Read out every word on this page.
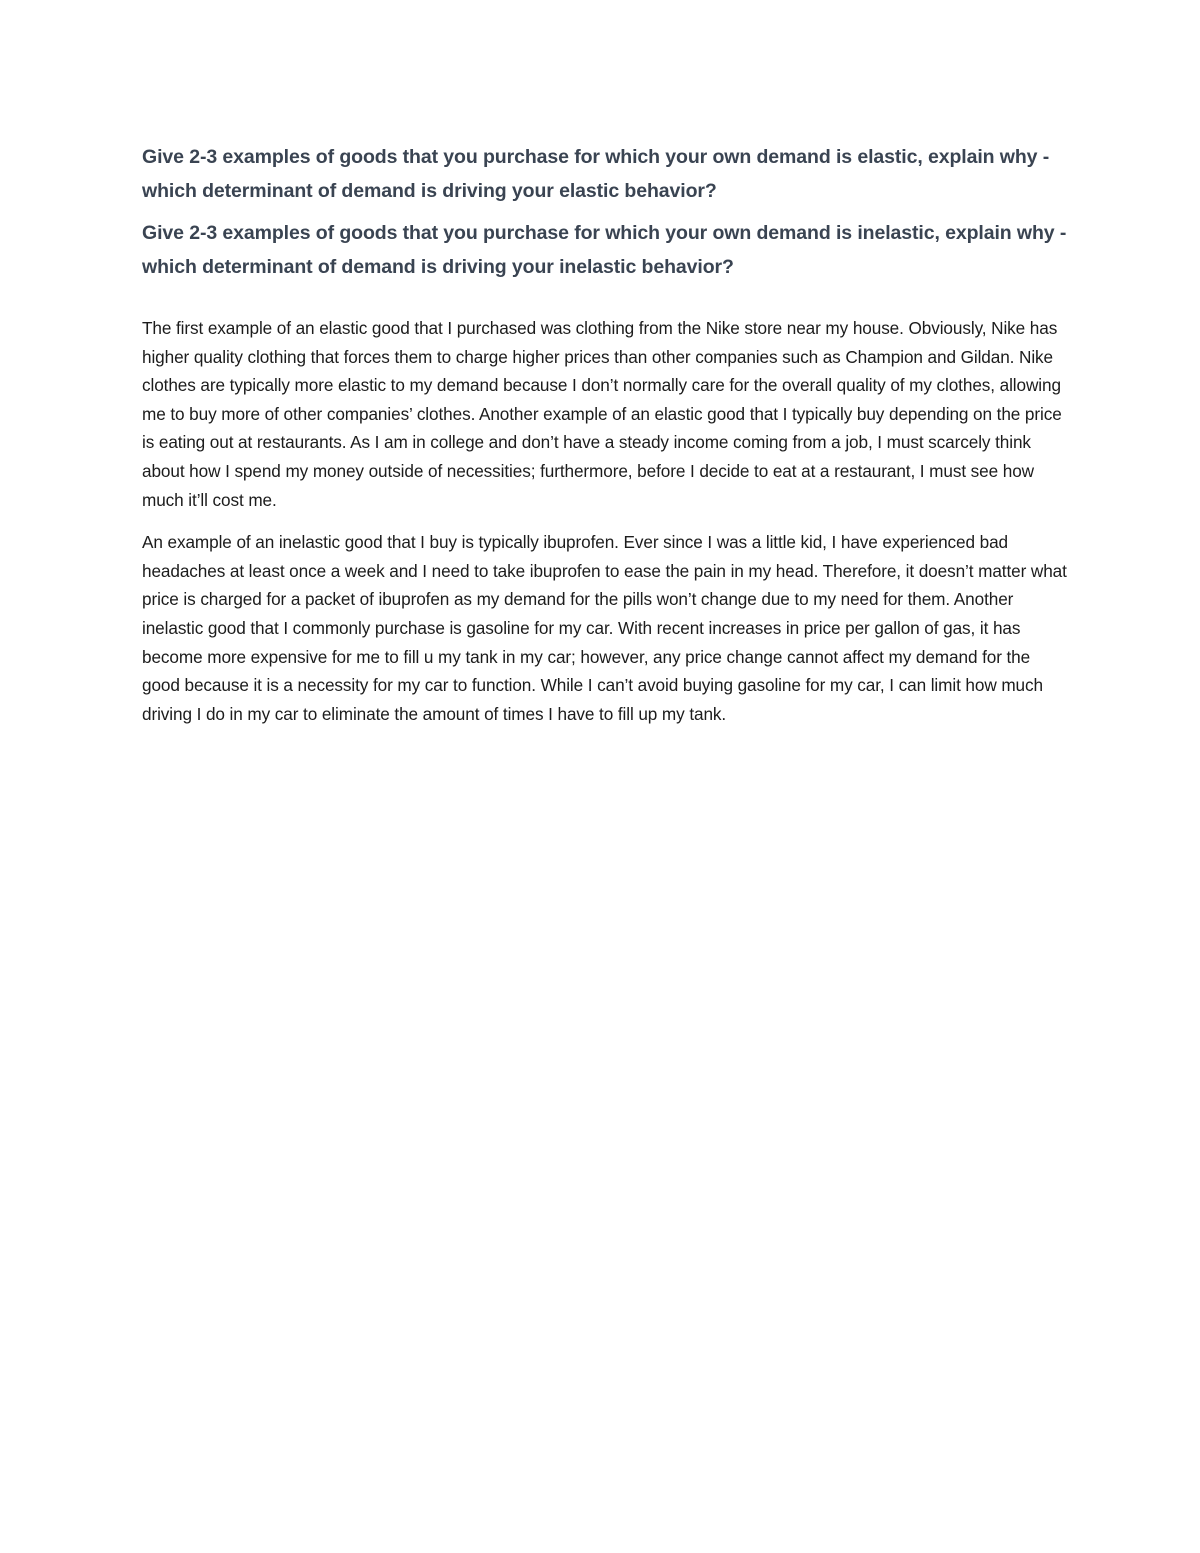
Give 2-3 examples of goods that you purchase for which your own demand is elastic, explain why - which determinant of demand is driving your elastic behavior?

Give 2-3 examples of goods that you purchase for which your own demand is inelastic, explain why - which determinant of demand is driving your inelastic behavior?

The first example of an elastic good that I purchased was clothing from the Nike store near my house. Obviously, Nike has higher quality clothing that forces them to charge higher prices than other companies such as Champion and Gildan. Nike clothes are typically more elastic to my demand because I don’t normally care for the overall quality of my clothes, allowing me to buy more of other companies’ clothes. Another example of an elastic good that I typically buy depending on the price is eating out at restaurants. As I am in college and don’t have a steady income coming from a job, I must scarcely think about how I spend my money outside of necessities; furthermore, before I decide to eat at a restaurant, I must see how much it’ll cost me.

An example of an inelastic good that I buy is typically ibuprofen. Ever since I was a little kid, I have experienced bad headaches at least once a week and I need to take ibuprofen to ease the pain in my head. Therefore, it doesn’t matter what price is charged for a packet of ibuprofen as my demand for the pills won’t change due to my need for them. Another inelastic good that I commonly purchase is gasoline for my car. With recent increases in price per gallon of gas, it has become more expensive for me to fill u my tank in my car; however, any price change cannot affect my demand for the good because it is a necessity for my car to function. While I can’t avoid buying gasoline for my car, I can limit how much driving I do in my car to eliminate the amount of times I have to fill up my tank.
